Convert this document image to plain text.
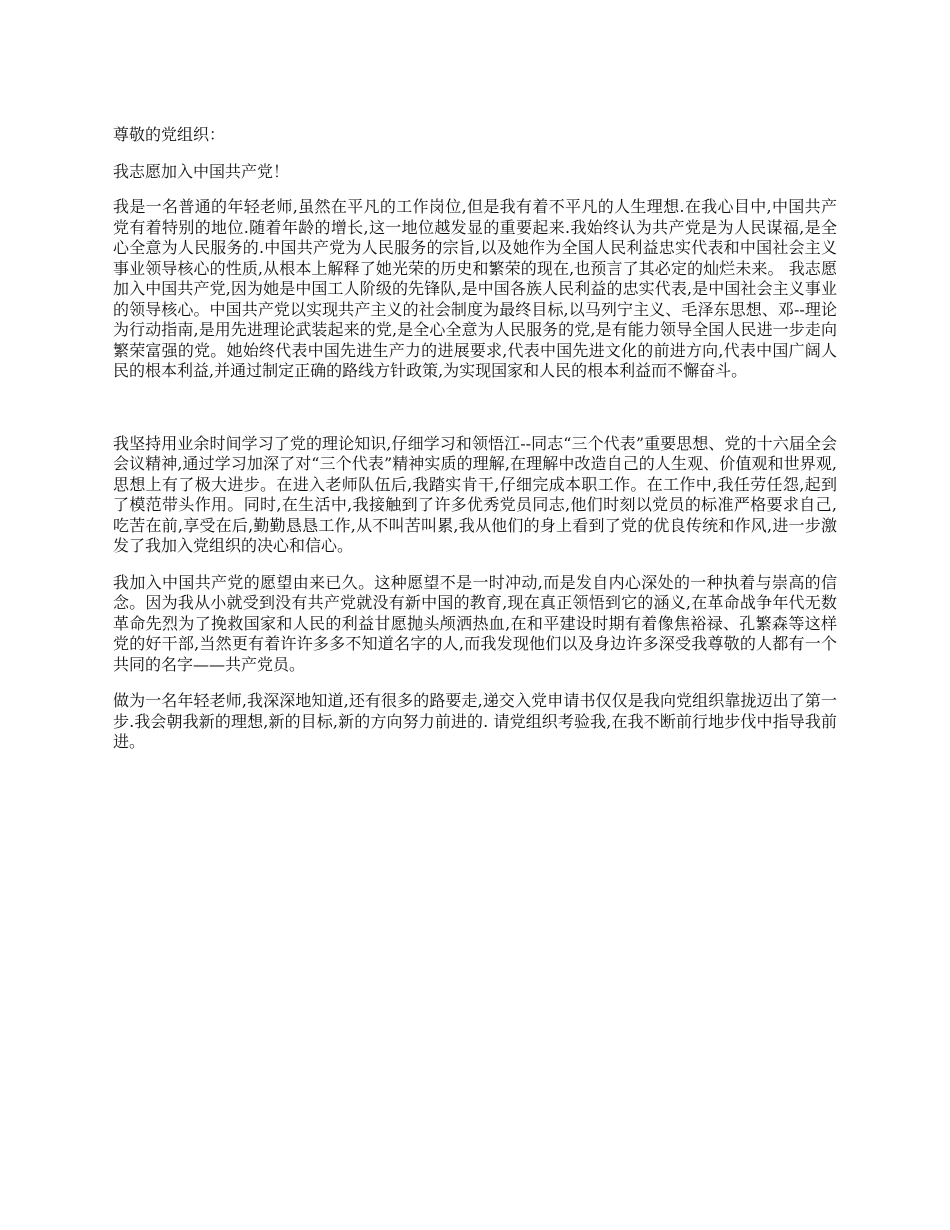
尊敬的党组织：

我志愿加入中国共产党！

我是一名普通的年轻老师,虽然在平凡的工作岗位,但是我有着不平凡的人生理想.在我心目中,中国共产党有着特别的地位.随着年龄的增长,这一地位越发显的重要起来.我始终认为共产党是为人民谋福,是全心全意为人民服务的.中国共产党为人民服务的宗旨,以及她作为全国人民利益忠实代表和中国社会主义事业领导核心的性质,从根本上解释了她光荣的历史和繁荣的现在,也预言了其必定的灿烂未来。 我志愿加入中国共产党,因为她是中国工人阶级的先锋队,是中国各族人民利益的忠实代表,是中国社会主义事业的领导核心。中国共产党以实现共产主义的社会制度为最终目标,以马列宁主义、毛泽东思想、邓--理论为行动指南,是用先进理论武装起来的党,是全心全意为人民服务的党,是有能力领导全国人民进一步走向繁荣富强的党。她始终代表中国先进生产力的进展要求,代表中国先进文化的前进方向,代表中国广阔人民的根本利益,并通过制定正确的路线方针政策,为实现国家和人民的根本利益而不懈奋斗。

我坚持用业余时间学习了党的理论知识,仔细学习和领悟江--同志“三个代表”重要思想、党的十六届全会会议精神,通过学习加深了对“三个代表”精神实质的理解,在理解中改造自己的人生观、价值观和世界观,思想上有了极大进步。在进入老师队伍后,我踏实肯干,仔细完成本职工作。在工作中,我任劳任怨,起到了模范带头作用。同时,在生活中,我接触到了许多优秀党员同志,他们时刻以党员的标准严格要求自己,吃苦在前,享受在后,勤勤恳恳工作,从不叫苦叫累,我从他们的身上看到了党的优良传统和作风,进一步激发了我加入党组织的决心和信心。

我加入中国共产党的愿望由来已久。这种愿望不是一时冲动,而是发自内心深处的一种执着与崇高的信念。因为我从小就受到没有共产党就没有新中国的教育,现在真正领悟到它的涵义,在革命战争年代无数革命先烈为了挽救国家和人民的利益甘愿抛头颅洒热血,在和平建设时期有着像焦裕禄、孔繁森等这样党的好干部,当然更有着许许多多不知道名字的人,而我发现他们以及身边许多深受我尊敬的人都有一个共同的名字——共产党员。

做为一名年轻老师,我深深地知道,还有很多的路要走,递交入党申请书仅仅是我向党组织靠拢迈出了第一步.我会朝我新的理想,新的目标,新的方向努力前进的. 请党组织考验我,在我不断前行地步伐中指导我前进。
